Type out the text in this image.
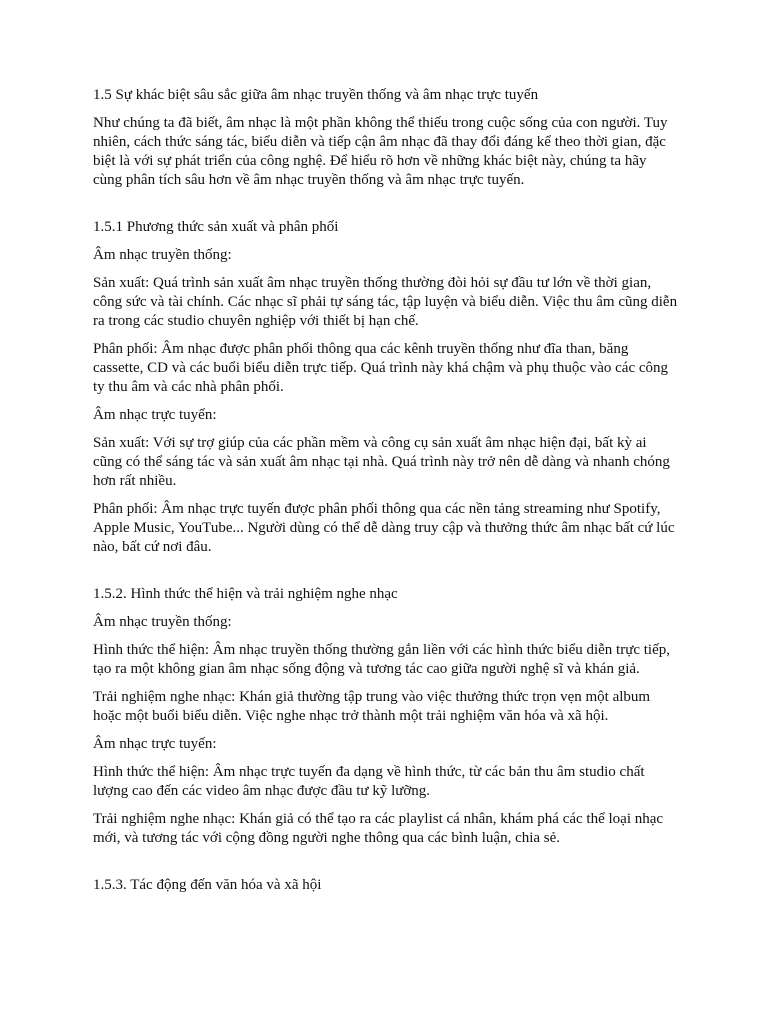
1.5 Sự khác biệt sâu sắc giữa âm nhạc truyền thống và âm nhạc trực tuyến

Như chúng ta đã biết, âm nhạc là một phần không thể thiếu trong cuộc sống của con người. Tuy nhiên, cách thức sáng tác, biểu diễn và tiếp cận âm nhạc đã thay đổi đáng kể theo thời gian, đặc biệt là với sự phát triển của công nghệ. Để hiểu rõ hơn về những khác biệt này, chúng ta hãy cùng phân tích sâu hơn về âm nhạc truyền thống và âm nhạc trực tuyến.

1.5.1 Phương thức sản xuất và phân phối

Âm nhạc truyền thống:

Sản xuất: Quá trình sản xuất âm nhạc truyền thống thường đòi hỏi sự đầu tư lớn về thời gian, công sức và tài chính. Các nhạc sĩ phải tự sáng tác, tập luyện và biểu diễn. Việc thu âm cũng diễn ra trong các studio chuyên nghiệp với thiết bị hạn chế.

Phân phối: Âm nhạc được phân phối thông qua các kênh truyền thống như đĩa than, băng cassette, CD và các buổi biểu diễn trực tiếp. Quá trình này khá chậm và phụ thuộc vào các công ty thu âm và các nhà phân phối.

Âm nhạc trực tuyến:

Sản xuất: Với sự trợ giúp của các phần mềm và công cụ sản xuất âm nhạc hiện đại, bất kỳ ai cũng có thể sáng tác và sản xuất âm nhạc tại nhà. Quá trình này trở nên dễ dàng và nhanh chóng hơn rất nhiều.

Phân phối: Âm nhạc trực tuyến được phân phối thông qua các nền tảng streaming như Spotify, Apple Music, YouTube... Người dùng có thể dễ dàng truy cập và thưởng thức âm nhạc bất cứ lúc nào, bất cứ nơi đâu.

1.5.2. Hình thức thể hiện và trải nghiệm nghe nhạc

Âm nhạc truyền thống:

Hình thức thể hiện: Âm nhạc truyền thống thường gắn liền với các hình thức biểu diễn trực tiếp, tạo ra một không gian âm nhạc sống động và tương tác cao giữa người nghệ sĩ và khán giả.

Trải nghiệm nghe nhạc: Khán giả thường tập trung vào việc thưởng thức trọn vẹn một album hoặc một buổi biểu diễn. Việc nghe nhạc trở thành một trải nghiệm văn hóa và xã hội.

Âm nhạc trực tuyến:

Hình thức thể hiện: Âm nhạc trực tuyến đa dạng về hình thức, từ các bản thu âm studio chất lượng cao đến các video âm nhạc được đầu tư kỹ lưỡng.

Trải nghiệm nghe nhạc: Khán giả có thể tạo ra các playlist cá nhân, khám phá các thể loại nhạc mới, và tương tác với cộng đồng người nghe thông qua các bình luận, chia sẻ.

1.5.3. Tác động đến văn hóa và xã hội
